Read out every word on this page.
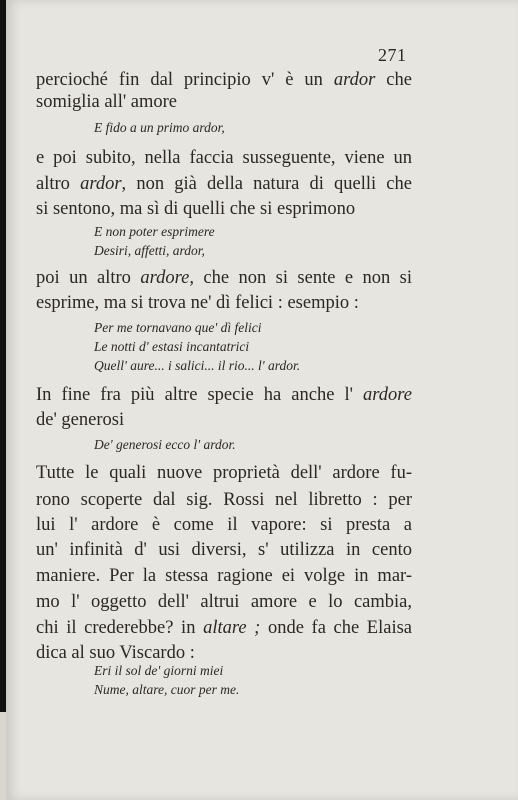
271
percioché fin dal principio v' è un ardor che
somiglia all' amore
E fido a un primo ardor,
e poi subito, nella faccia susseguente, viene un
altro ardor, non già della natura di quelli che
si sentono, ma sì di quelli che si esprimono
E non poter esprimere
Desiri, affetti, ardor,
poi un altro ardore, che non si sente e non si
esprime, ma si trova ne' dì felici : esempio :
Per me tornavano que' dì felici
Le notti d' estasi incantatrici
Quell' aure... i salici... il rio... l' ardor.
In fine fra più altre specie ha anche l' ardore
de' generosi
De' generosi ecco l' ardor.
Tutte le quali nuove proprietà dell' ardore fu-
rono scoperte dal sig. Rossi nel libretto : per
lui l' ardore è come il vapore: si presta a
un' infinità d' usi diversi, s' utilizza in cento
maniere. Per la stessa ragione ei volge in mar-
mo l' oggetto dell' altrui amore e lo cambia,
chi il crederebbe? in altare ; onde fa che Elaisa
dica al suo Viscardo :
Eri il sol de' giorni miei
Nume, altare, cuor per me.
